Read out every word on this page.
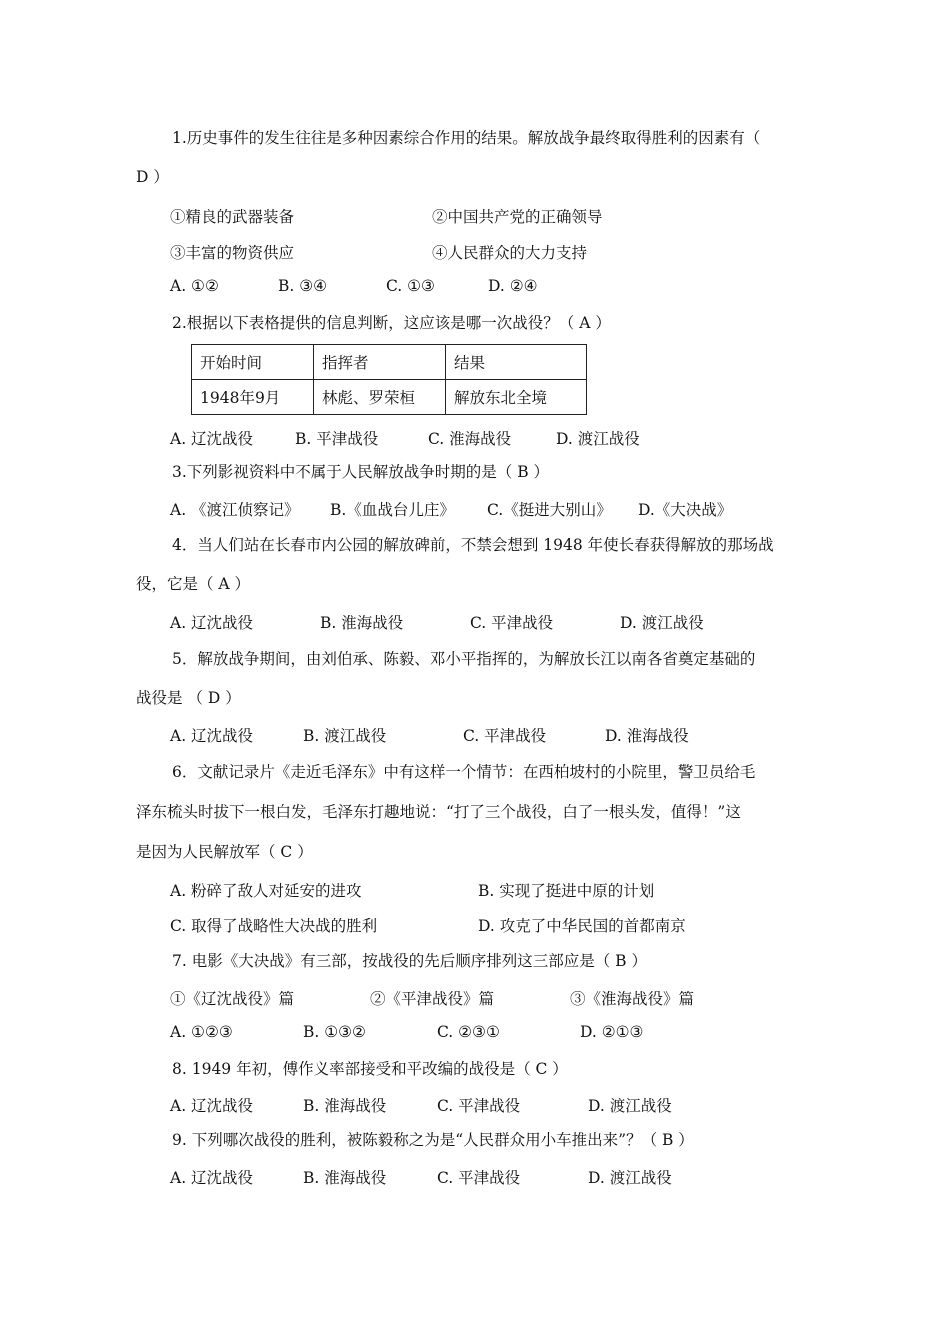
1.历史事件的发生往往是多种因素综合作用的结果。解放战争最终取得胜利的因素有（
D ）
①精良的武器装备	②中国共产党的正确领导
③丰富的物资供应	④人民群众的大力支持
A. ①②	B. ③④	C. ①③	D. ②④
2.根据以下表格提供的信息判断，这应该是哪一次战役？（ A ）
开始时间	指挥者	结果
1948年9月	林彪、罗荣桓	解放东北全境
A. 辽沈战役	B. 平津战役	C. 淮海战役	D. 渡江战役
3.下列影视资料中不属于人民解放战争时期的是（ B ）
A. 《渡江侦察记》 B.《血战台儿庄》 C.《挺进大别山》 D.《大决战》
4．当人们站在长春市内公园的解放碑前，不禁会想到 1948 年使长春获得解放的那场战
役，它是（ A ）
A. 辽沈战役	B. 淮海战役	C. 平津战役	D. 渡江战役
5．解放战争期间，由刘伯承、陈毅、邓小平指挥的，为解放长江以南各省奠定基础的
战役是 （ D ）
A. 辽沈战役	B. 渡江战役	C. 平津战役	D. 淮海战役
6．文献记录片《走近毛泽东》中有这样一个情节：在西柏坡村的小院里，警卫员给毛
泽东梳头时拔下一根白发，毛泽东打趣地说：“打了三个战役，白了一根头发，值得！”这
是因为人民解放军（ C ）
A. 粉碎了敌人对延安的进攻	B. 实现了挺进中原的计划
C. 取得了战略性大决战的胜利	D. 攻克了中华民国的首都南京
7. 电影《大决战》有三部，按战役的先后顺序排列这三部应是（ B ）
①《辽沈战役》篇	②《平津战役》篇	③《淮海战役》篇
A. ①②③	B. ①③②	C. ②③①	D. ②①③
8. 1949 年初，傅作义率部接受和平改编的战役是（ C ）
A. 辽沈战役	B. 淮海战役	C. 平津战役	D. 渡江战役
9. 下列哪次战役的胜利，被陈毅称之为是“人民群众用小车推出来”？（ B ）
A. 辽沈战役	B. 淮海战役	C. 平津战役	D. 渡江战役
